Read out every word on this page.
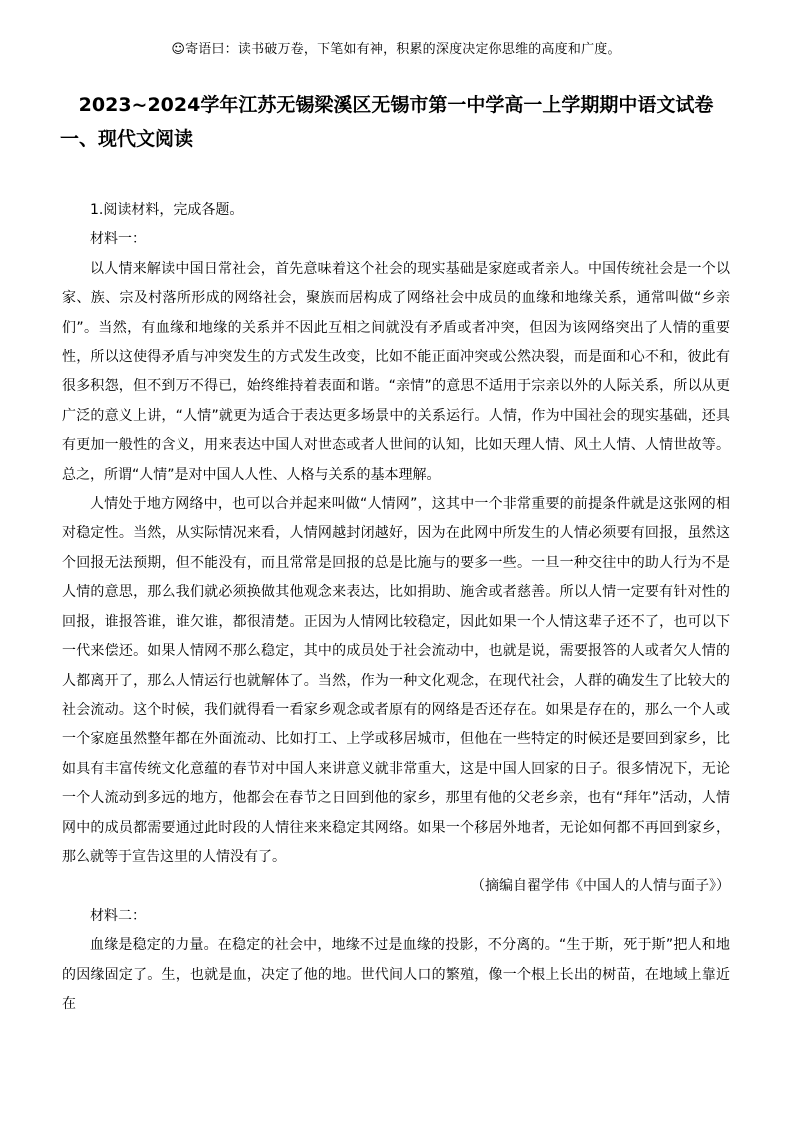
☺寄语曰：读书破万卷，下笔如有神，积累的深度决定你思维的高度和广度。
2023~2024学年江苏无锡梁溪区无锡市第一中学高一上学期期中语文试卷
一、现代文阅读

1.阅读材料，完成各题。

材料一：

以人情来解读中国日常社会，首先意味着这个社会的现实基础是家庭或者亲人。中国传统社会是一个以家、族、宗及村落所形成的网络社会，聚族而居构成了网络社会中成员的血缘和地缘关系，通常叫做“乡亲们”。当然，有血缘和地缘的关系并不因此互相之间就没有矛盾或者冲突，但因为该网络突出了人情的重要性，所以这使得矛盾与冲突发生的方式发生改变，比如不能正面冲突或公然决裂，而是面和心不和，彼此有很多积怨，但不到万不得已，始终维持着表面和谐。“亲情”的意思不适用于宗亲以外的人际关系，所以从更广泛的意义上讲，“人情”就更为适合于表达更多场景中的关系运行。人情，作为中国社会的现实基础，还具有更加一般性的含义，用来表达中国人对世态或者人世间的认知，比如天理人情、风土人情、人情世故等。总之，所谓“人情”是对中国人人性、人格与关系的基本理解。

人情处于地方网络中，也可以合并起来叫做“人情网”，这其中一个非常重要的前提条件就是这张网的相对稳定性。当然，从实际情况来看，人情网越封闭越好，因为在此网中所发生的人情必须要有回报，虽然这个回报无法预期，但不能没有，而且常常是回报的总是比施与的要多一些。一旦一种交往中的助人行为不是人情的意思，那么我们就必须换做其他观念来表达，比如捐助、施舍或者慈善。所以人情一定要有针对性的回报，谁报答谁，谁欠谁，都很清楚。正因为人情网比较稳定，因此如果一个人情这辈子还不了，也可以下一代来偿还。如果人情网不那么稳定，其中的成员处于社会流动中，也就是说，需要报答的人或者欠人情的人都离开了，那么人情运行也就解体了。当然，作为一种文化观念，在现代社会，人群的确发生了比较大的社会流动。这个时候，我们就得看一看家乡观念或者原有的网络是否还存在。如果是存在的，那么一个人或一个家庭虽然整年都在外面流动、比如打工、上学或移居城市，但他在一些特定的时候还是要回到家乡，比如具有丰富传统文化意蕴的春节对中国人来讲意义就非常重大，这是中国人回家的日子。很多情况下，无论一个人流动到多远的地方，他都会在春节之日回到他的家乡，那里有他的父老乡亲，也有“拜年”活动，人情网中的成员都需要通过此时段的人情往来来稳定其网络。如果一个移居外地者，无论如何都不再回到家乡，那么就等于宣告这里的人情没有了。

（摘编自翟学伟《中国人的人情与面子》）

材料二：

血缘是稳定的力量。在稳定的社会中，地缘不过是血缘的投影，不分离的。“生于斯，死于斯”把人和地的因缘固定了。生，也就是血，决定了他的地。世代间人口的繁殖，像一个根上长出的树苗，在地域上靠近在
